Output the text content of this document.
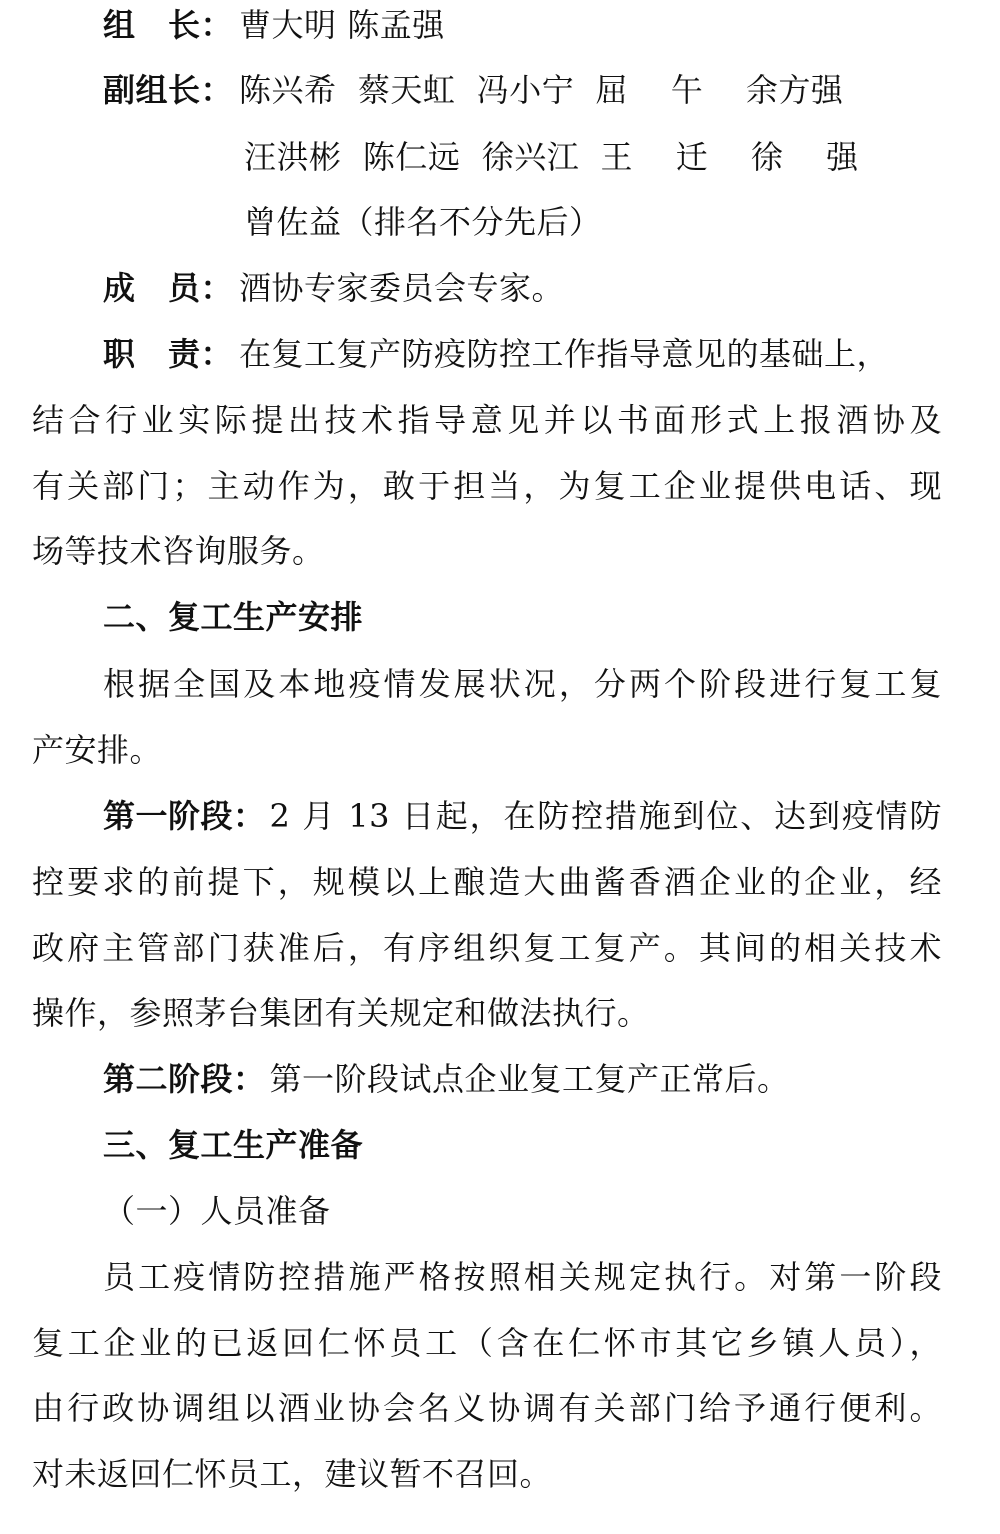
组　长： 曹大明 陈孟强
副组长： 陈兴希  蔡天虹  冯小宁  屈    午    余方强
汪洪彬  陈仁远  徐兴江  王    迁    徐    强
曾佐益（排名不分先后）
成　员： 酒协专家委员会专家。
职　责： 在复工复产防疫防控工作指导意见的基础上，
结合行业实际提出技术指导意见并以书面形式上报酒协及
有关部门；主动作为，敢于担当，为复工企业提供电话、现
场等技术咨询服务。
二、复工生产安排
根据全国及本地疫情发展状况，分两个阶段进行复工复
产安排。
第一阶段： 2 月 13 日起，在防控措施到位、达到疫情防
控要求的前提下，规模以上酿造大曲酱香酒企业的企业，经
政府主管部门获准后，有序组织复工复产。其间的相关技术
操作，参照茅台集团有关规定和做法执行。
第二阶段： 第一阶段试点企业复工复产正常后。
三、复工生产准备
（一）人员准备
员工疫情防控措施严格按照相关规定执行。对第一阶段
复工企业的已返回仁怀员工（含在仁怀市其它乡镇人员），
由行政协调组以酒业协会名义协调有关部门给予通行便利。
对未返回仁怀员工，建议暂不召回。
